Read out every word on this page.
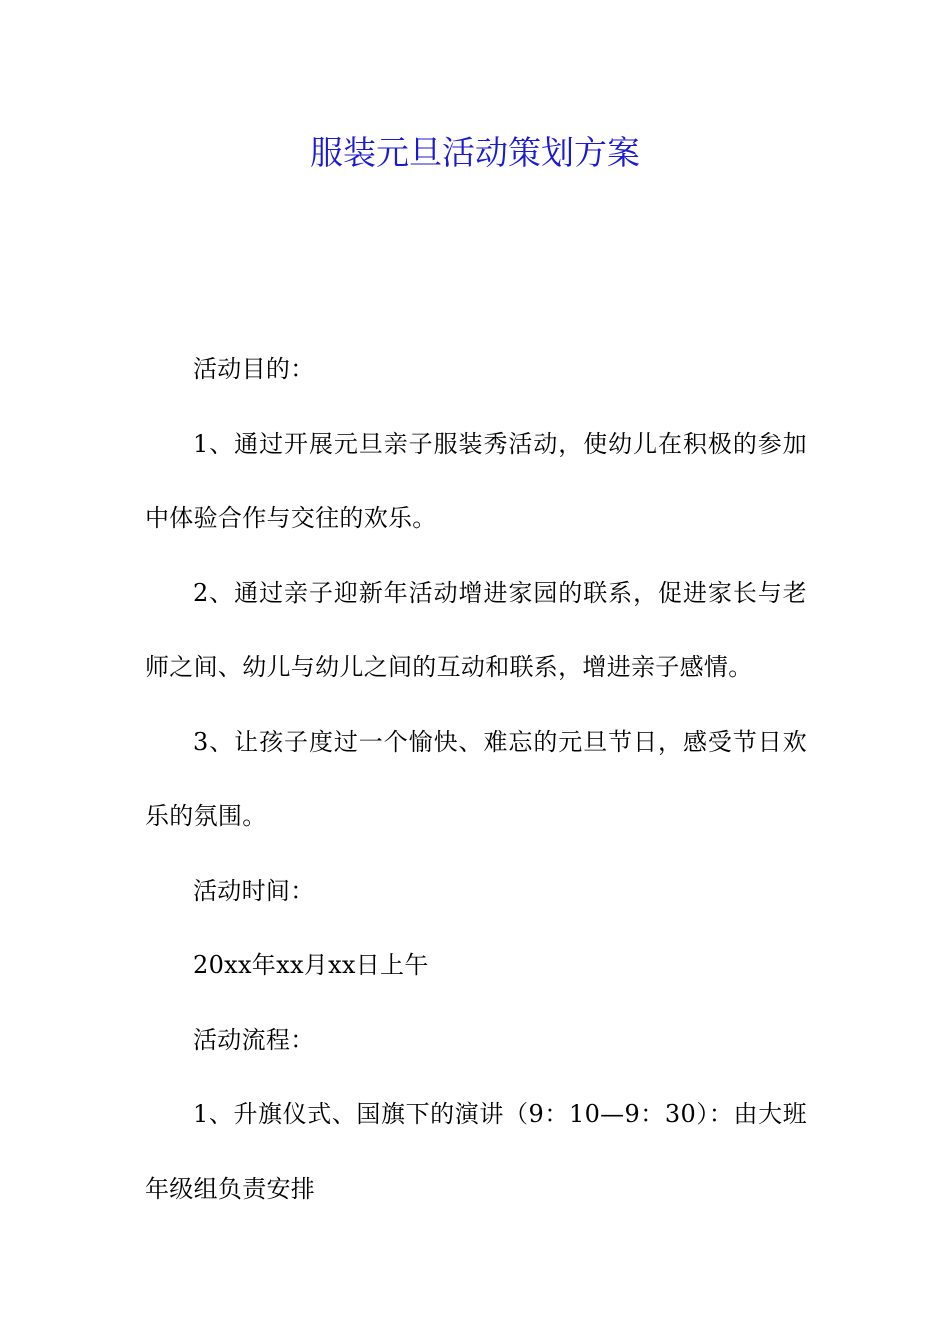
服装元旦活动策划方案

活动目的：

1、通过开展元旦亲子服装秀活动，使幼儿在积极的参加中体验合作与交往的欢乐。

2、通过亲子迎新年活动增进家园的联系，促进家长与老师之间、幼儿与幼儿之间的互动和联系，增进亲子感情。

3、让孩子度过一个愉快、难忘的元旦节日，感受节日欢乐的氛围。

活动时间：

20xx年xx月xx日上午

活动流程：

1、升旗仪式、国旗下的演讲（9：10—9：30）：由大班年级组负责安排
